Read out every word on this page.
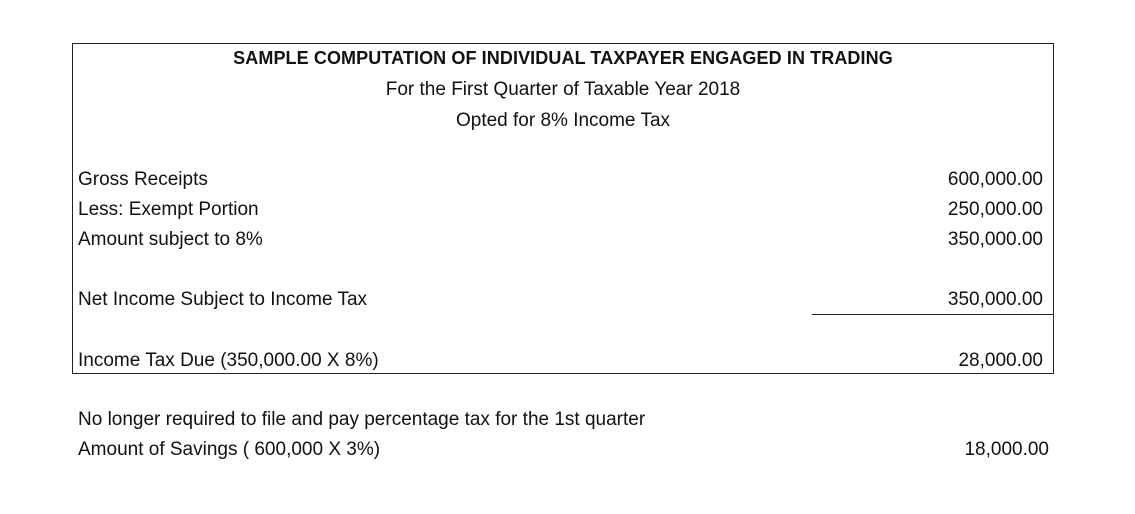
SAMPLE COMPUTATION OF INDIVIDUAL TAXPAYER ENGAGED IN TRADING
For the First Quarter of Taxable Year 2018
Opted for 8% Income Tax
Gross Receipts	600,000.00
Less: Exempt Portion	250,000.00
Amount subject to 8%	350,000.00
Net Income Subject to Income Tax	350,000.00
Income Tax Due (350,000.00 X 8%)	28,000.00
No longer required to file and pay percentage tax for the 1st quarter
Amount of Savings ( 600,000 X 3%)	18,000.00
